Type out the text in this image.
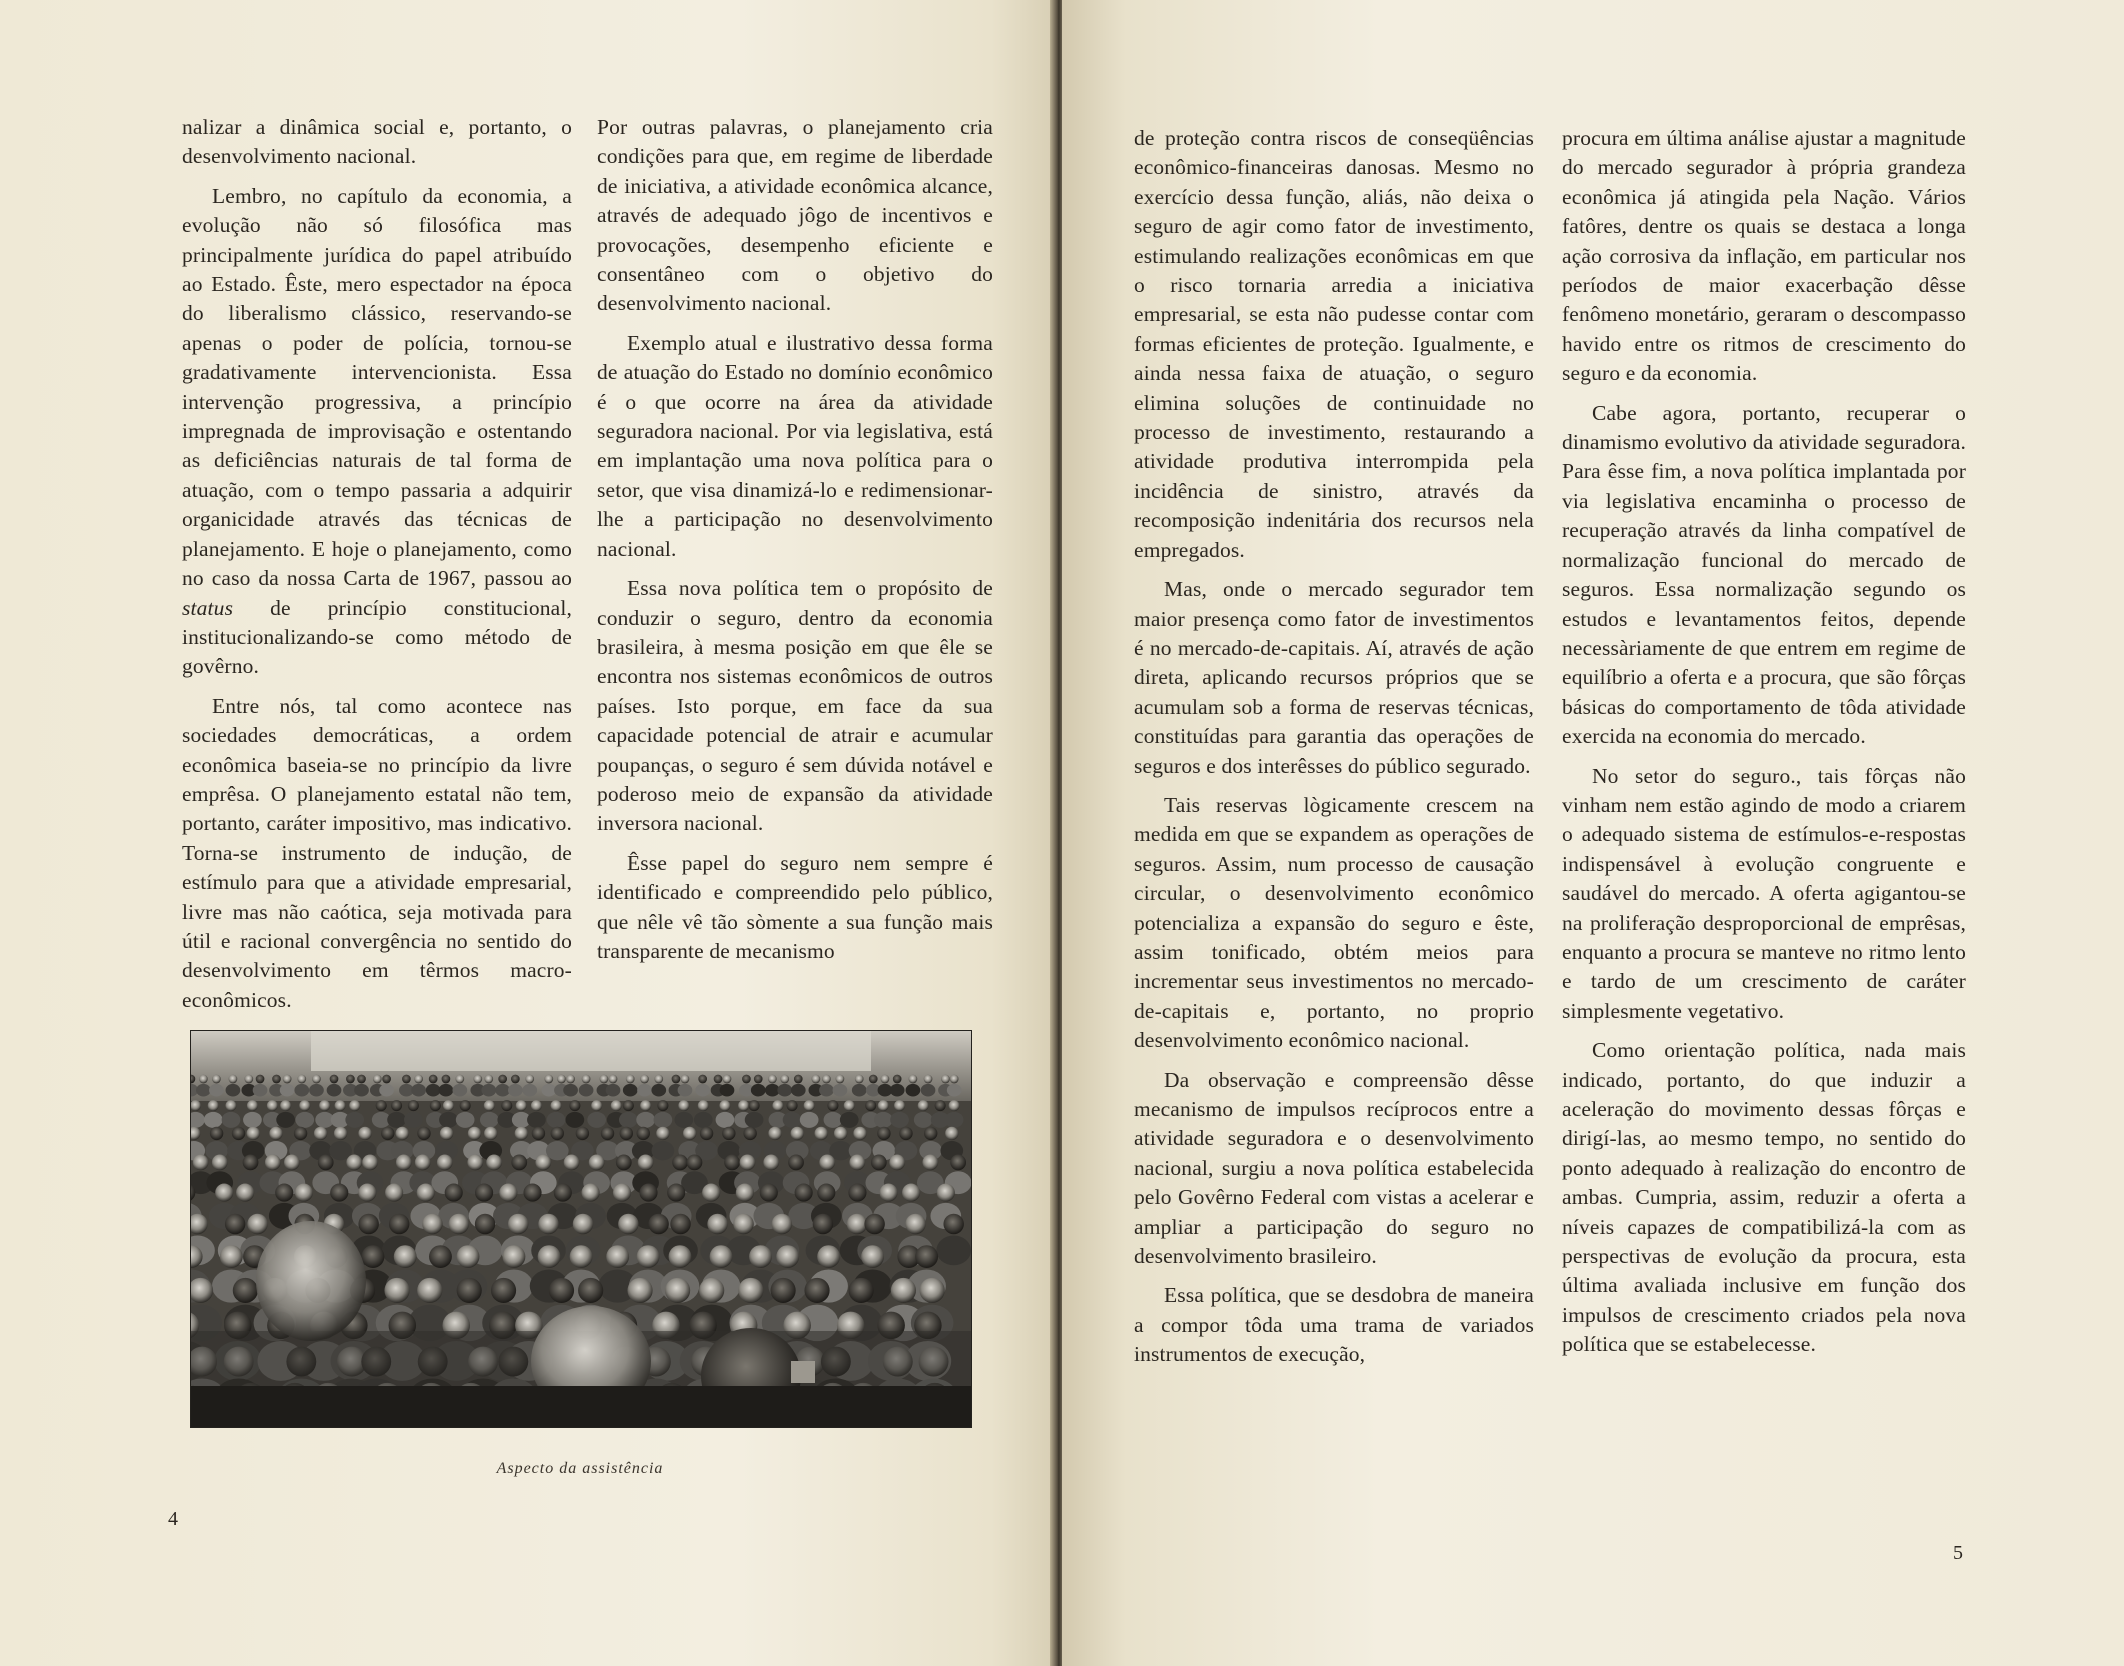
nalizar a dinâmica social e, portanto, o desenvolvimento nacional.

Lembro, no capítulo da economia, a evolução não só filosófica mas principalmente jurídica do papel atribuído ao Estado. Êste, mero espectador na época do liberalismo clássico, reservando-se apenas o poder de polícia, tornou-se gradativamente intervencionista. Essa intervenção progressiva, a princípio impregnada de improvisação e ostentando as deficiências naturais de tal forma de atuação, com o tempo passaria a adquirir organicidade através das técnicas de planejamento. E hoje o planejamento, como no caso da nossa Carta de 1967, passou ao status de princípio constitucional, institucionalizando-se como método de govêrno.

Entre nós, tal como acontece nas sociedades democráticas, a ordem econômica baseia-se no princípio da livre emprêsa. O planejamento estatal não tem, portanto, caráter impositivo, mas indicativo. Torna-se instrumento de indução, de estímulo para que a atividade empresarial, livre mas não caótica, seja motivada para útil e racional convergência no sentido do desenvolvimento em têrmos macro-econômicos.

Por outras palavras, o planejamento cria condições para que, em regime de liberdade de iniciativa, a atividade econômica alcance, através de adequado jôgo de incentivos e provocações, desempenho eficiente e consentâneo com o objetivo do desenvolvimento nacional.

Exemplo atual e ilustrativo dessa forma de atuação do Estado no domínio econômico é o que ocorre na área da atividade seguradora nacional. Por via legislativa, está em implantação uma nova política para o setor, que visa dinamizá-lo e redimensionar-lhe a participação no desenvolvimento nacional.

Essa nova política tem o propósito de conduzir o seguro, dentro da economia brasileira, à mesma posição em que êle se encontra nos sistemas econômicos de outros países. Isto porque, em face da sua capacidade potencial de atrair e acumular poupanças, o seguro é sem dúvida notável e poderoso meio de expansão da atividade inversora nacional.

Êsse papel do seguro nem sempre é identificado e compreendido pelo público, que nêle vê tão sòmente a sua função mais transparente de mecanismo

Aspecto da assistência
4

de proteção contra riscos de conseqüências econômico-financeiras danosas. Mesmo no exercício dessa função, aliás, não deixa o seguro de agir como fator de investimento, estimulando realizações econômicas em que o risco tornaria arredia a iniciativa empresarial, se esta não pudesse contar com formas eficientes de proteção. Igualmente, e ainda nessa faixa de atuação, o seguro elimina soluções de continuidade no processo de investimento, restaurando a atividade produtiva interrompida pela incidência de sinistro, através da recomposição indenitária dos recursos nela empregados.

Mas, onde o mercado segurador tem maior presença como fator de investimentos é no mercado-de-capitais. Aí, através de ação direta, aplicando recursos próprios que se acumulam sob a forma de reservas técnicas, constituídas para garantia das operações de seguros e dos interêsses do público segurado.

Tais reservas lògicamente crescem na medida em que se expandem as operações de seguros. Assim, num processo de causação circular, o desenvolvimento econômico potencializa a expansão do seguro e êste, assim tonificado, obtém meios para incrementar seus investimentos no mercado-de-capitais e, portanto, no proprio desenvolvimento econômico nacional.

Da observação e compreensão dêsse mecanismo de impulsos recíprocos entre a atividade seguradora e o desenvolvimento nacional, surgiu a nova política estabelecida pelo Govêrno Federal com vistas a acelerar e ampliar a participação do seguro no desenvolvimento brasileiro.

Essa política, que se desdobra de maneira a compor tôda uma trama de variados instrumentos de execução,

procura em última análise ajustar a magnitude do mercado segurador à própria grandeza econômica já atingida pela Nação. Vários fatôres, dentre os quais se destaca a longa ação corrosiva da inflação, em particular nos períodos de maior exacerbação dêsse fenômeno monetário, geraram o descompasso havido entre os ritmos de crescimento do seguro e da economia.

Cabe agora, portanto, recuperar o dinamismo evolutivo da atividade seguradora. Para êsse fim, a nova política implantada por via legislativa encaminha o processo de recuperação através da linha compatível de normalização funcional do mercado de seguros. Essa normalização segundo os estudos e levantamentos feitos, depende necessàriamente de que entrem em regime de equilíbrio a oferta e a procura, que são fôrças básicas do comportamento de tôda atividade exercida na economia do mercado.

No setor do seguro., tais fôrças não vinham nem estão agindo de modo a criarem o adequado sistema de estímulos-e-respostas indispensável à evolução congruente e saudável do mercado. A oferta agigantou-se na proliferação desproporcional de emprêsas, enquanto a procura se manteve no ritmo lento e tardo de um crescimento de caráter simplesmente vegetativo.

Como orientação política, nada mais indicado, portanto, do que induzir a aceleração do movimento dessas fôrças e dirigí-las, ao mesmo tempo, no sentido do ponto adequado à realização do encontro de ambas. Cumpria, assim, reduzir a oferta a níveis capazes de compatibilizá-la com as perspectivas de evolução da procura, esta última avaliada inclusive em função dos impulsos de crescimento criados pela nova política que se estabelecesse.

5
